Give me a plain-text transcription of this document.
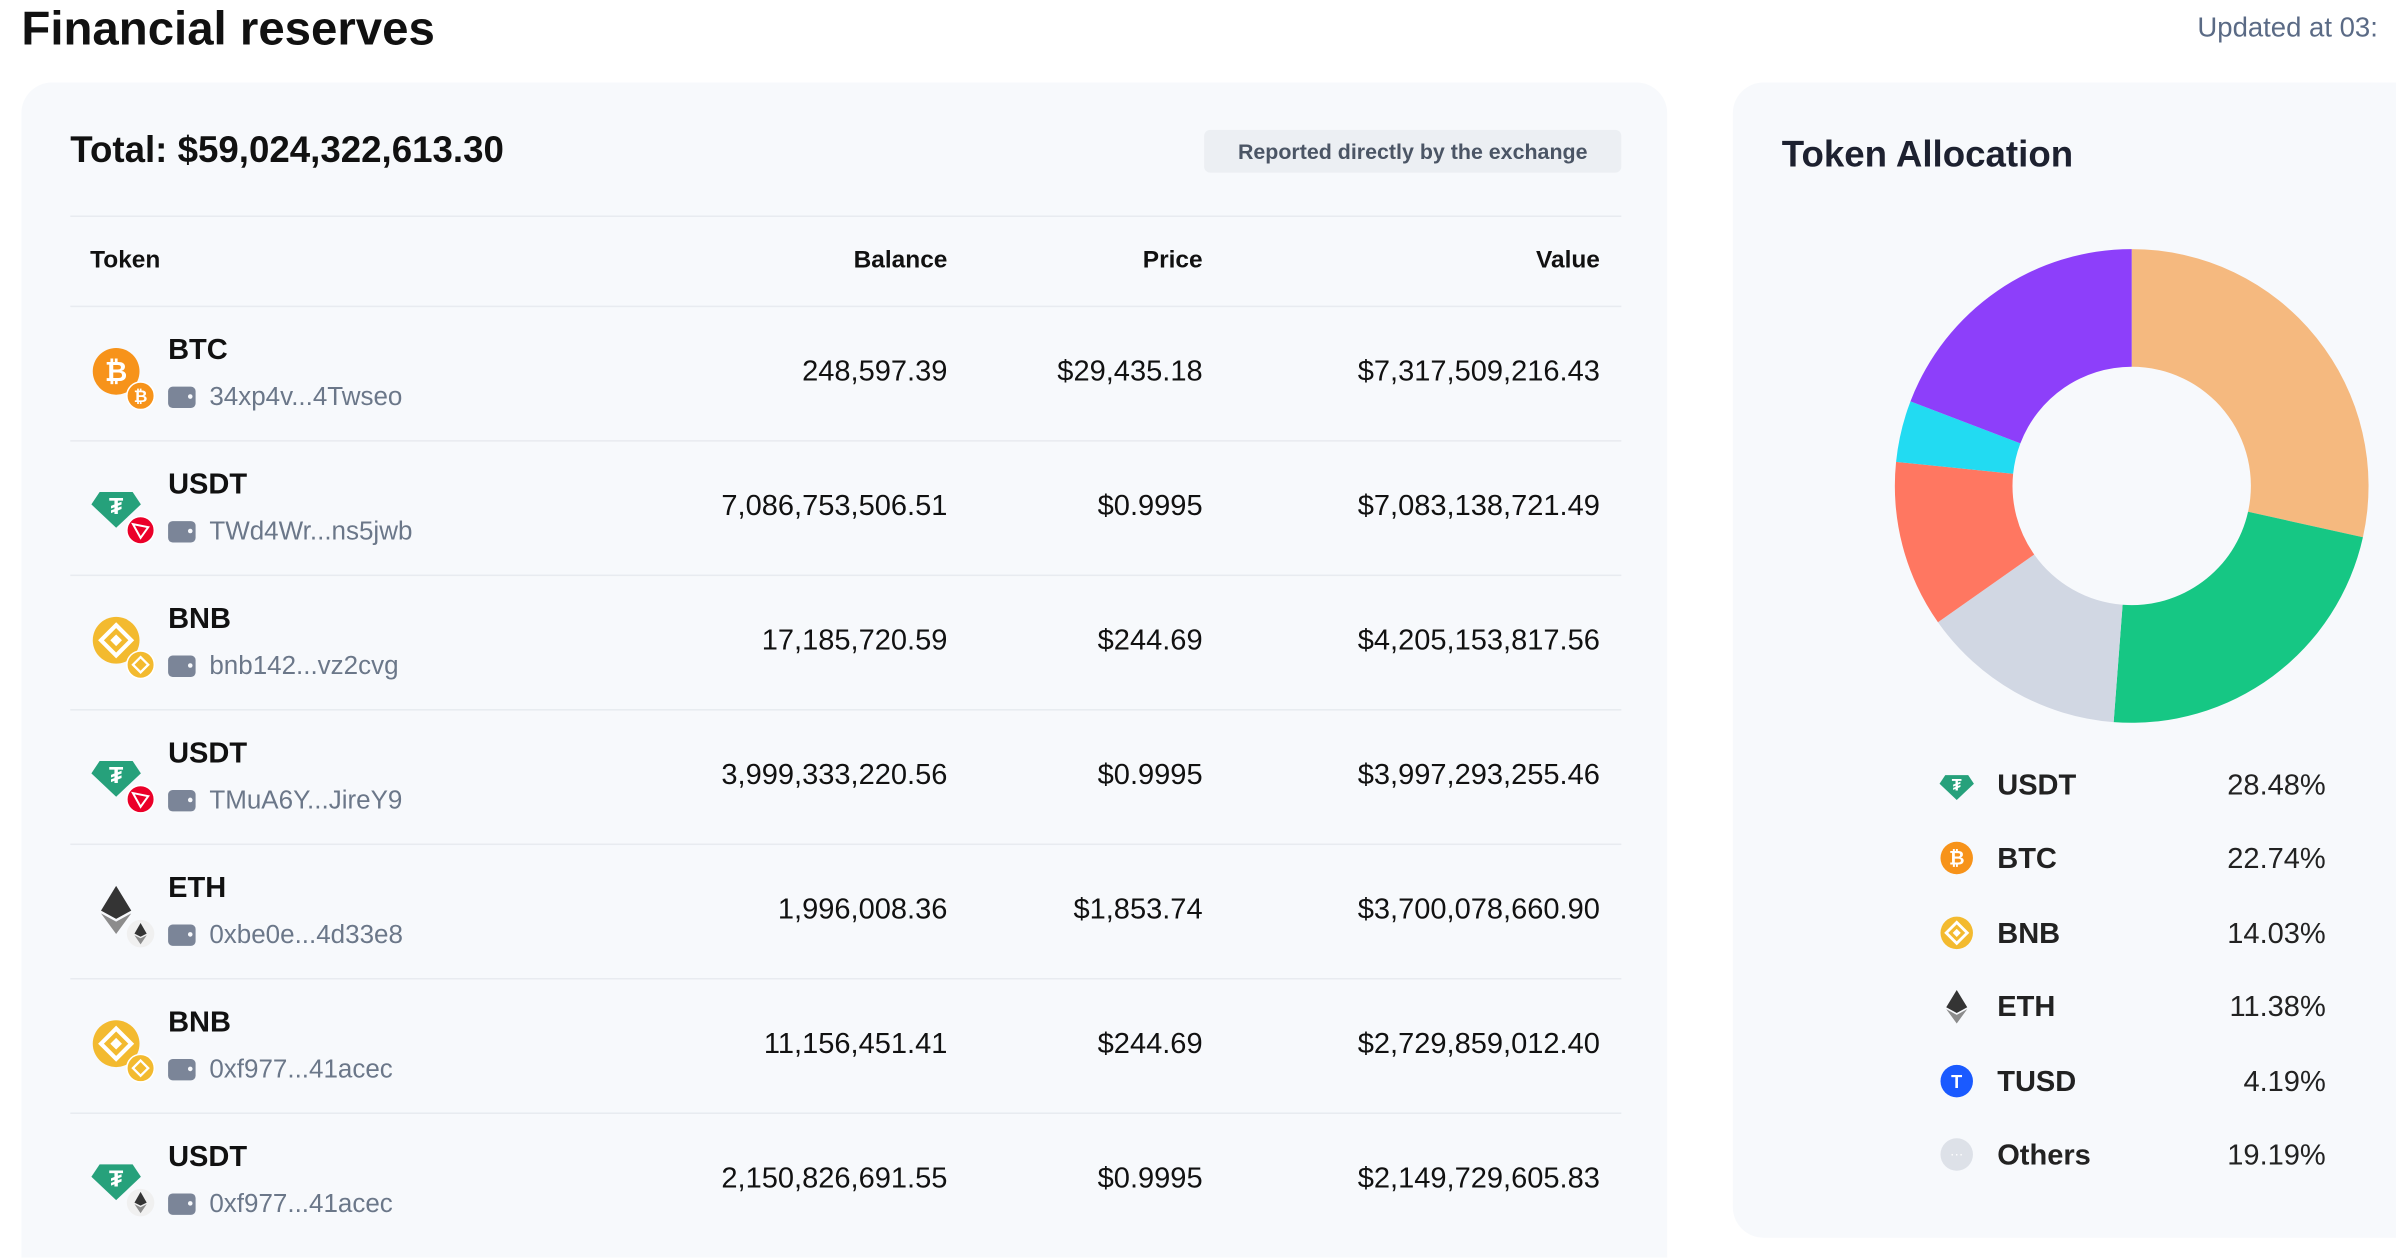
Financial reserves	Updated at 03:
Total: $59,024,322,613.30	Reported directly by the exchange
Token	Balance	Price	Value
₿
₿
BTC
34xp4v...4Twseo
248,597.39	$29,435.18	$7,317,509,216.43
₮
USDT
TWd4Wr...ns5jwb
7,086,753,506.51	$0.9995	$7,083,138,721.49
BNB
bnb142...vz2cvg
17,185,720.59	$244.69	$4,205,153,817.56
₮
USDT
TMuA6Y...JireY9
3,999,333,220.56	$0.9995	$3,997,293,255.46
ETH
0xbe0e...4d33e8
1,996,008.36	$1,853.74	$3,700,078,660.90
BNB
0xf977...41acec
11,156,451.41	$244.69	$2,729,859,012.40
₮
USDT
0xf977...41acec
2,150,826,691.55	$0.9995	$2,149,729,605.83
Token Allocation
₮ USDT	28.48%
₿ BTC	22.74%
BNB	14.03%
ETH	11.38%
T TUSD	4.19%
··· Others	19.19%
